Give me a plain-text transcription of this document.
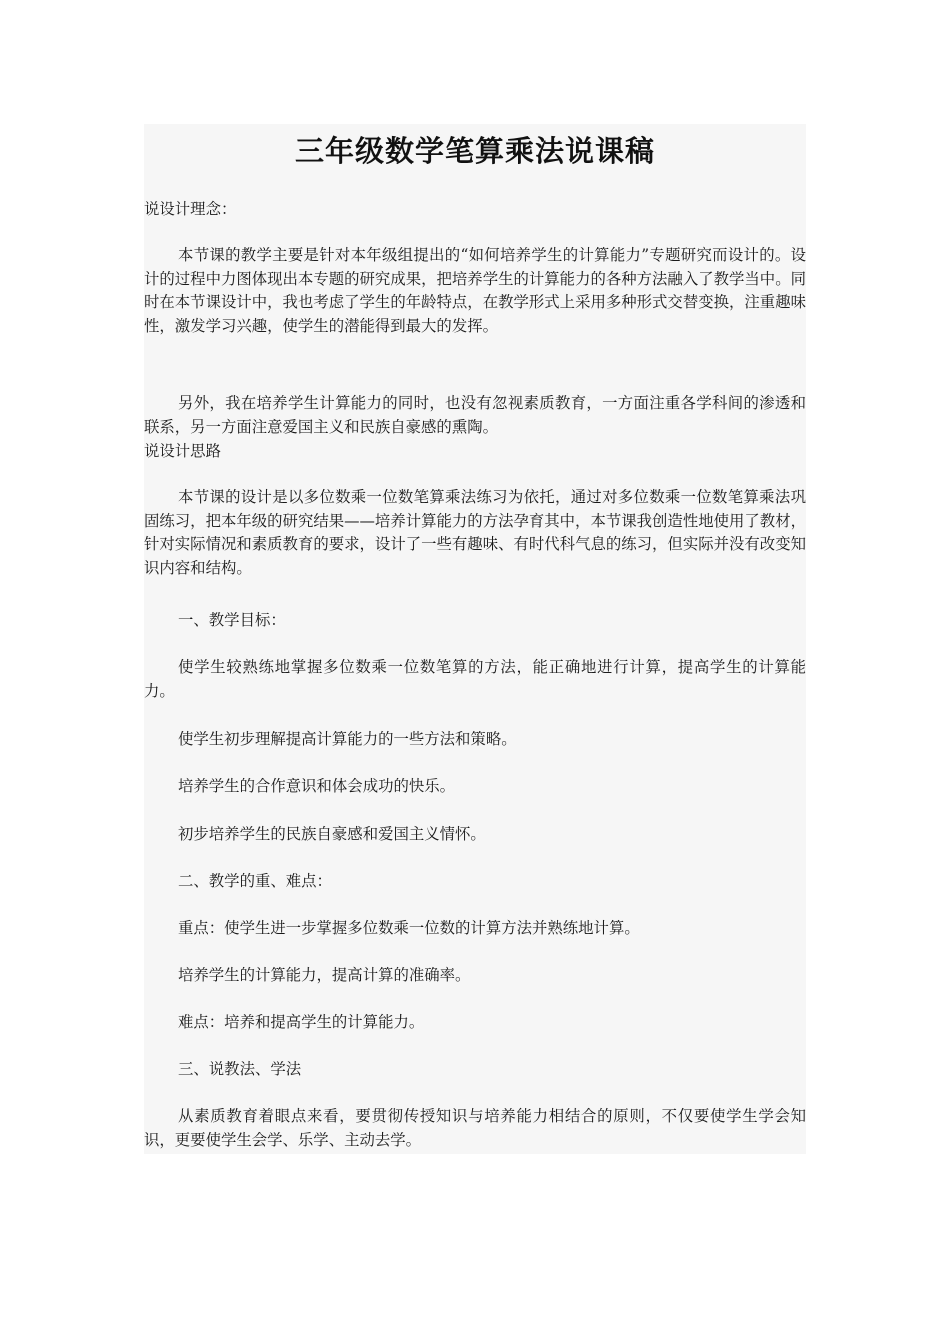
三年级数学笔算乘法说课稿

说设计理念：

本节课的教学主要是针对本年级组提出的“如何培养学生的计算能力”专题研究而设计的。设计的过程中力图体现出本专题的研究成果，把培养学生的计算能力的各种方法融入了教学当中。同时在本节课设计中，我也考虑了学生的年龄特点，在教学形式上采用多种形式交替变换，注重趣味性，激发学习兴趣，使学生的潜能得到最大的发挥。

另外，我在培养学生计算能力的同时，也没有忽视素质教育，一方面注重各学科间的渗透和联系，另一方面注意爱国主义和民族自豪感的熏陶。

说设计思路

本节课的设计是以多位数乘一位数笔算乘法练习为依托，通过对多位数乘一位数笔算乘法巩固练习，把本年级的研究结果——培养计算能力的方法孕育其中，本节课我创造性地使用了教材，针对实际情况和素质教育的要求，设计了一些有趣味、有时代科气息的练习，但实际并没有改变知识内容和结构。

一、教学目标：

使学生较熟练地掌握多位数乘一位数笔算的方法，能正确地进行计算，提高学生的计算能力。

使学生初步理解提高计算能力的一些方法和策略。

培养学生的合作意识和体会成功的快乐。

初步培养学生的民族自豪感和爱国主义情怀。

二、教学的重、难点：

重点：使学生进一步掌握多位数乘一位数的计算方法并熟练地计算。

培养学生的计算能力，提高计算的准确率。

难点：培养和提高学生的计算能力。

三、说教法、学法

从素质教育着眼点来看，要贯彻传授知识与培养能力相结合的原则，不仅要使学生学会知识，更要使学生会学、乐学、主动去学。
